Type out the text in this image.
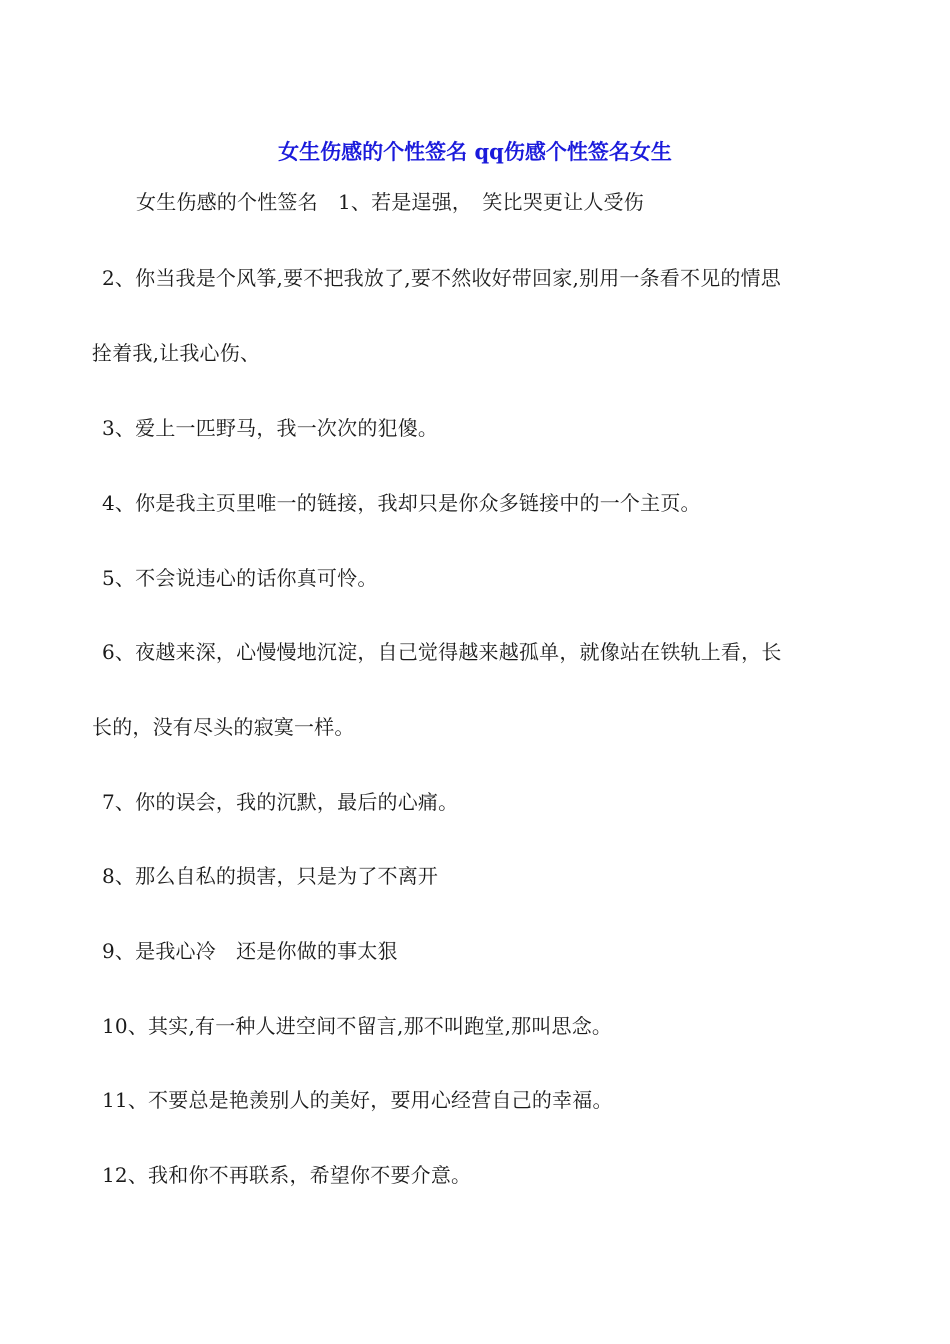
女生伤感的个性签名 qq伤感个性签名女生
女生伤感的个性签名　1、若是逞强，　笑比哭更让人受伤
2、你当我是个风筝,要不把我放了,要不然收好带回家,别用一条看不见的情思
拴着我,让我心伤、
3、爱上一匹野马，我一次次的犯傻。
4、你是我主页里唯一的链接，我却只是你众多链接中的一个主页。
5、不会说违心的话你真可怜。
6、夜越来深，心慢慢地沉淀，自己觉得越来越孤单，就像站在铁轨上看，长
长的，没有尽头的寂寞一样。
7、你的误会，我的沉默，最后的心痛。
8、那么自私的损害，只是为了不离开
9、是我心冷　还是你做的事太狠
10、其实,有一种人进空间不留言,那不叫跑堂,那叫思念。
11、不要总是艳羡别人的美好，要用心经营自己的幸福。
12、我和你不再联系，希望你不要介意。
